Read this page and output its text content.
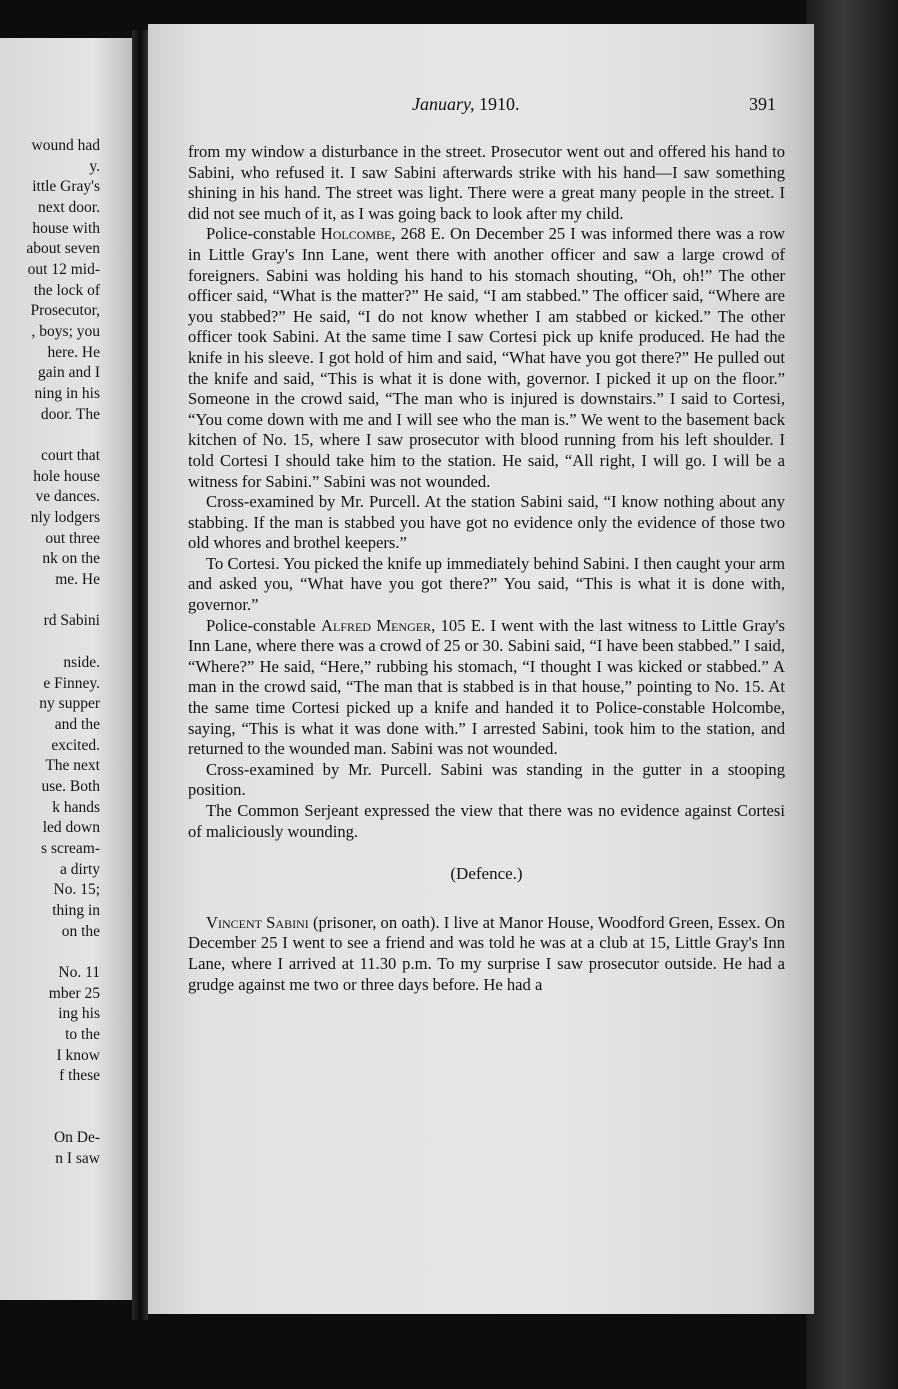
wound had
y.
ittle Gray's
next door.
house with
about seven
out 12 mid-
the lock of
Prosecutor,
, boys; you
here. He
gain and I
ning in his
door. The
court that
hole house
ve dances.
nly lodgers
out three
nk on the
me. He
rd Sabini
nside.
e Finney.
ny supper
and the
excited.
The next
use. Both
k hands
led down
s scream-
a dirty
No. 15;
thing in
on the
No. 11
mber 25
ing his
to the
I know
f these
On De-
n I saw
January, 1910.	391

from my window a disturbance in the street. Prosecutor went out and offered his hand to Sabini, who refused it. I saw Sabini afterwards strike with his hand—I saw something shining in his hand. The street was light. There were a great many people in the street. I did not see much of it, as I was going back to look after my child.

Police-constable Holcombe, 268 E. On December 25 I was informed there was a row in Little Gray's Inn Lane, went there with another officer and saw a large crowd of foreigners. Sabini was holding his hand to his stomach shouting, “Oh, oh!” The other officer said, “What is the matter?” He said, “I am stabbed.” The officer said, “Where are you stabbed?” He said, “I do not know whether I am stabbed or kicked.” The other officer took Sabini. At the same time I saw Cortesi pick up knife produced. He had the knife in his sleeve. I got hold of him and said, “What have you got there?” He pulled out the knife and said, “This is what it is done with, governor. I picked it up on the floor.” Someone in the crowd said, “The man who is injured is downstairs.” I said to Cortesi, “You come down with me and I will see who the man is.” We went to the basement back kitchen of No. 15, where I saw prosecutor with blood running from his left shoulder. I told Cortesi I should take him to the station. He said, “All right, I will go. I will be a witness for Sabini.” Sabini was not wounded.

Cross-examined by Mr. Purcell. At the station Sabini said, “I know nothing about any stabbing. If the man is stabbed you have got no evidence only the evidence of those two old whores and brothel keepers.”

To Cortesi. You picked the knife up immediately behind Sabini. I then caught your arm and asked you, “What have you got there?” You said, “This is what it is done with, governor.”

Police-constable Alfred Menger, 105 E. I went with the last witness to Little Gray's Inn Lane, where there was a crowd of 25 or 30. Sabini said, “I have been stabbed.” I said, “Where?” He said, “Here,” rubbing his stomach, “I thought I was kicked or stabbed.” A man in the crowd said, “The man that is stabbed is in that house,” pointing to No. 15. At the same time Cortesi picked up a knife and handed it to Police-constable Holcombe, saying, “This is what it was done with.” I arrested Sabini, took him to the station, and returned to the wounded man. Sabini was not wounded.

Cross-examined by Mr. Purcell. Sabini was standing in the gutter in a stooping position.

The Common Serjeant expressed the view that there was no evidence against Cortesi of maliciously wounding.

(Defence.)

Vincent Sabini (prisoner, on oath). I live at Manor House, Woodford Green, Essex. On December 25 I went to see a friend and was told he was at a club at 15, Little Gray's Inn Lane, where I arrived at 11.30 p.m. To my surprise I saw prosecutor outside. He had a grudge against me two or three days before. He had a
